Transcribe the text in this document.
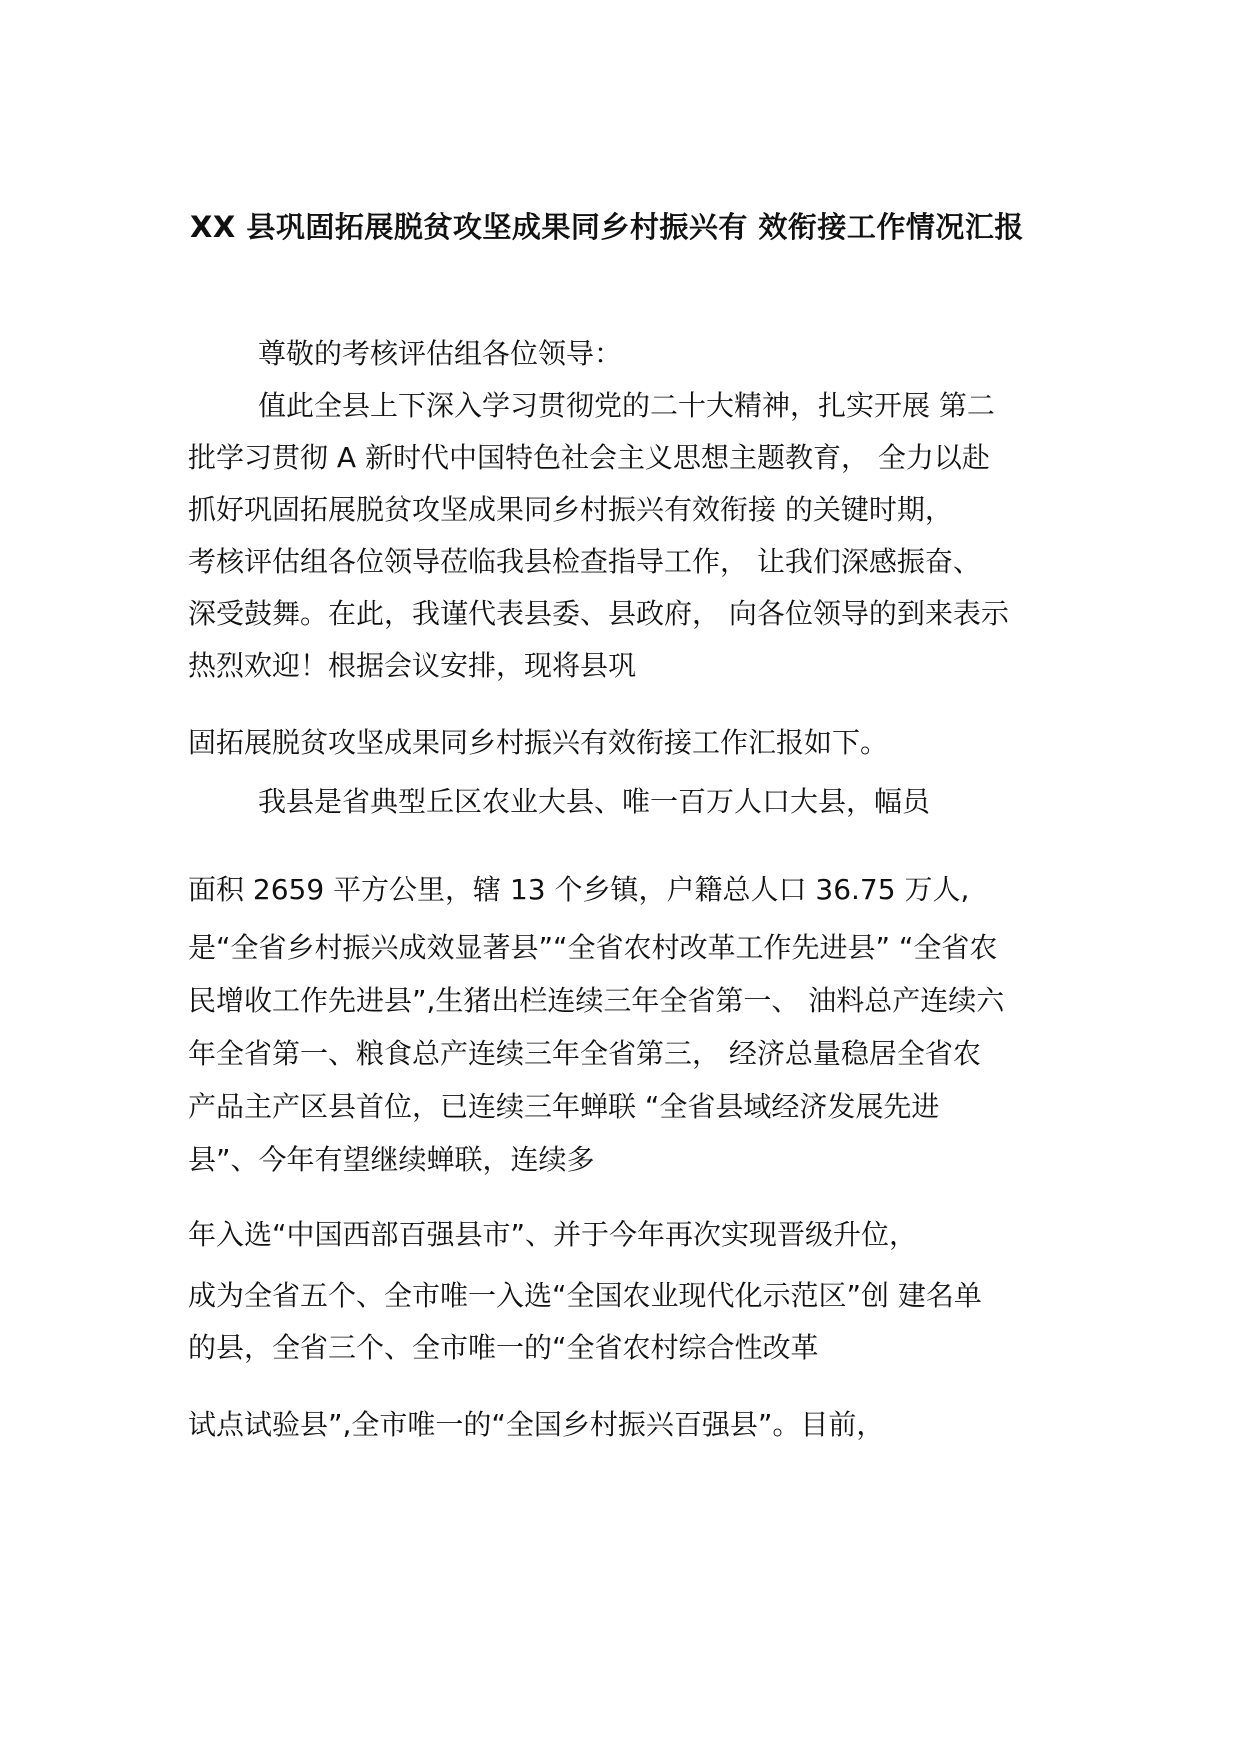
XX 县巩固拓展脱贫攻坚成果同乡村振兴有 效衔接工作情况汇报
尊敬的考核评估组各位领导：
值此全县上下深入学习贯彻党的二十大精神，扎实开展 第二
批学习贯彻 A 新时代中国特色社会主义思想主题教育， 全力以赴
抓好巩固拓展脱贫攻坚成果同乡村振兴有效衔接 的关键时期，
考核评估组各位领导莅临我县检查指导工作， 让我们深感振奋、
深受鼓舞。在此，我谨代表县委、县政府， 向各位领导的到来表示
热烈欢迎！根据会议安排，现将县巩
固拓展脱贫攻坚成果同乡村振兴有效衔接工作汇报如下。
我县是省典型丘区农业大县、唯一百万人口大县，幅员
面积 2659 平方公里，辖 13 个乡镇，户籍总人口 36.75 万人,
是“全省乡村振兴成效显著县”“全省农村改革工作先进县” “全省农
民增收工作先进县”,生猪出栏连续三年全省第一、 油料总产连续六
年全省第一、粮食总产连续三年全省第三， 经济总量稳居全省农
产品主产区县首位，已连续三年蝉联 “全省县域经济发展先进
县”、今年有望继续蝉联，连续多
年入选“中国西部百强县市”、并于今年再次实现晋级升位，
成为全省五个、全市唯一入选“全国农业现代化示范区”创 建名单
的县，全省三个、全市唯一的“全省农村综合性改革
试点试验县”,全市唯一的“全国乡村振兴百强县”。目前，
